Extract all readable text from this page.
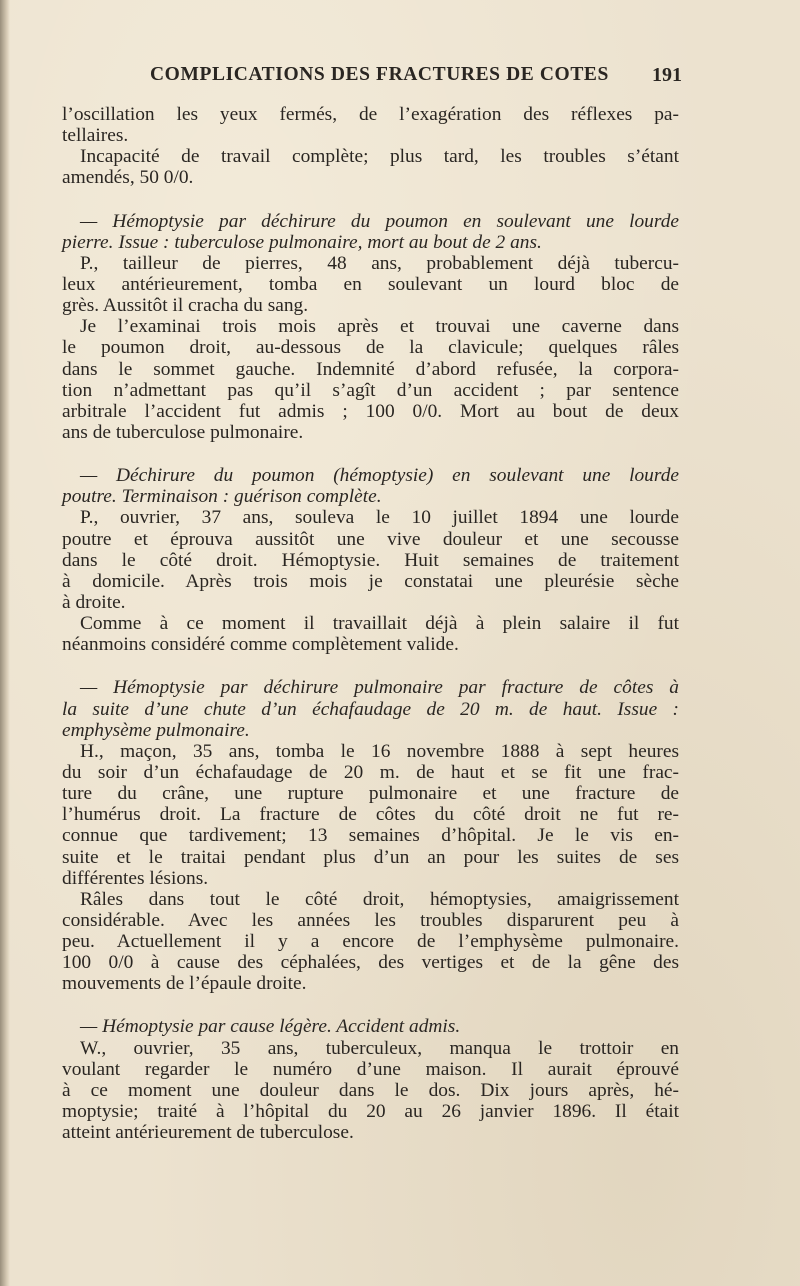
COMPLICATIONS DES FRACTURES DE COTES 191
l’oscillation les yeux fermés, de l’exagération des réflexes pa-
tellaires.
Incapacité de travail complète; plus tard, les troubles s’étant
amendés, 50 0/0.
— Hémoptysie par déchirure du poumon en soulevant une lourde
pierre. Issue : tuberculose pulmonaire, mort au bout de 2 ans.
P., tailleur de pierres, 48 ans, probablement déjà tubercu-
leux antérieurement, tomba en soulevant un lourd bloc de
grès. Aussitôt il cracha du sang.
Je l’examinai trois mois après et trouvai une caverne dans
le poumon droit, au-dessous de la clavicule; quelques râles
dans le sommet gauche. Indemnité d’abord refusée, la corpora-
tion n’admettant pas qu’il s’agît d’un accident ; par sentence
arbitrale l’accident fut admis ; 100 0/0. Mort au bout de deux
ans de tuberculose pulmonaire.
— Déchirure du poumon (hémoptysie) en soulevant une lourde
poutre. Terminaison : guérison complète.
P., ouvrier, 37 ans, souleva le 10 juillet 1894 une lourde
poutre et éprouva aussitôt une vive douleur et une secousse
dans le côté droit. Hémoptysie. Huit semaines de traitement
à domicile. Après trois mois je constatai une pleurésie sèche
à droite.
Comme à ce moment il travaillait déjà à plein salaire il fut
néanmoins considéré comme complètement valide.
— Hémoptysie par déchirure pulmonaire par fracture de côtes à
la suite d’une chute d’un échafaudage de 20 m. de haut. Issue :
emphysème pulmonaire.
H., maçon, 35 ans, tomba le 16 novembre 1888 à sept heures
du soir d’un échafaudage de 20 m. de haut et se fit une frac-
ture du crâne, une rupture pulmonaire et une fracture de
l’humérus droit. La fracture de côtes du côté droit ne fut re-
connue que tardivement; 13 semaines d’hôpital. Je le vis en-
suite et le traitai pendant plus d’un an pour les suites de ses
différentes lésions.
Râles dans tout le côté droit, hémoptysies, amaigrissement
considérable. Avec les années les troubles disparurent peu à
peu. Actuellement il y a encore de l’emphysème pulmonaire.
100 0/0 à cause des céphalées, des vertiges et de la gêne des
mouvements de l’épaule droite.
— Hémoptysie par cause légère. Accident admis.
W., ouvrier, 35 ans, tuberculeux, manqua le trottoir en
voulant regarder le numéro d’une maison. Il aurait éprouvé
à ce moment une douleur dans le dos. Dix jours après, hé-
moptysie; traité à l’hôpital du 20 au 26 janvier 1896. Il était
atteint antérieurement de tuberculose.
